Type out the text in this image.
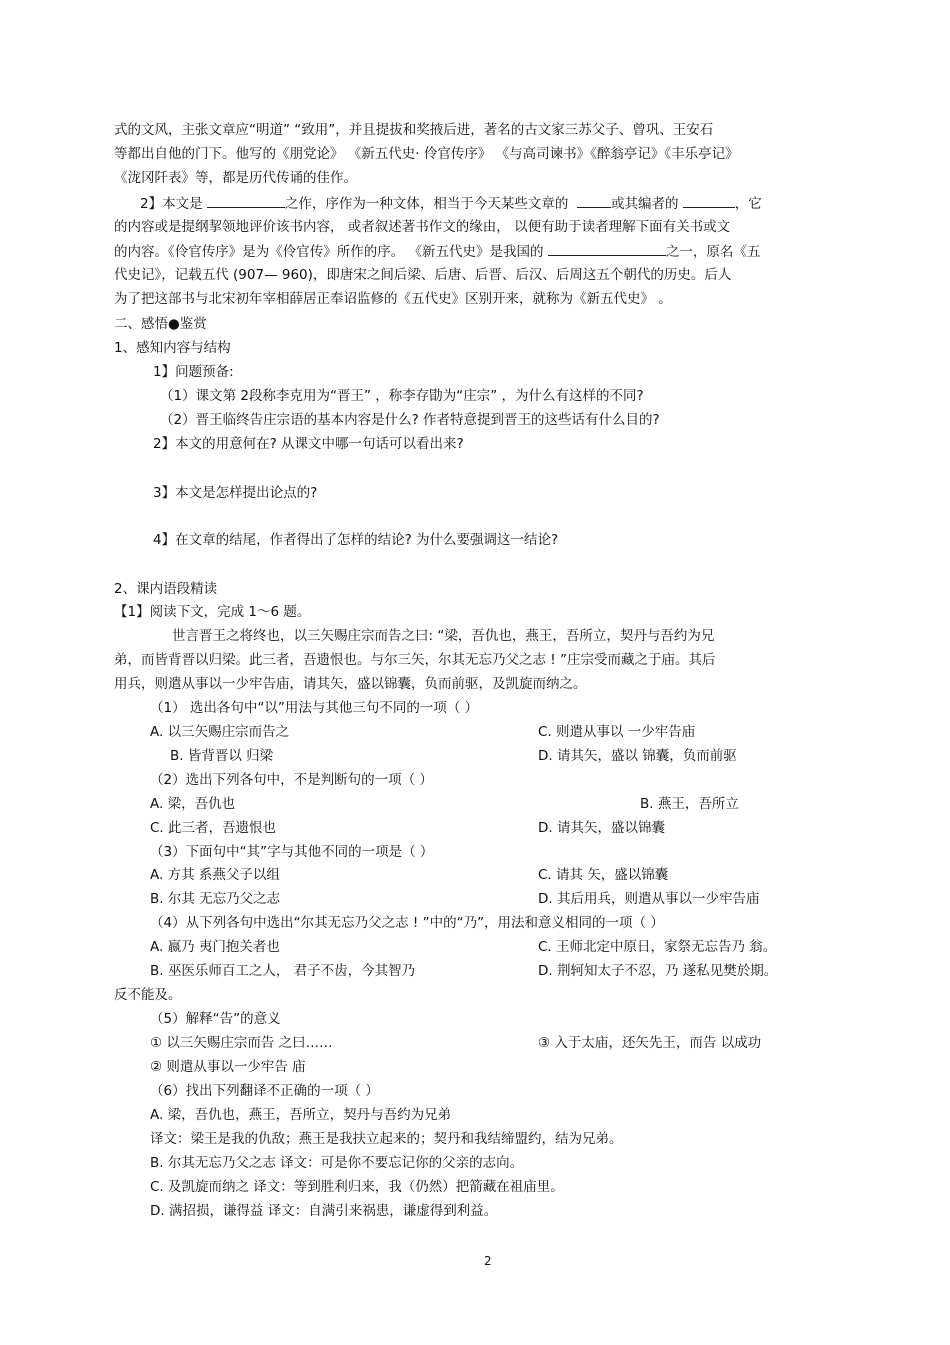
式的文风，主张文章应“明道” “致用”，并且提拔和奖掖后进，著名的古文家三苏父子、曾巩、王安石
等都出自他的门下。他写的《朋党论》 《新五代史· 伶官传序》 《与高司谏书》《醉翁亭记》《丰乐亭记》
《泷冈阡表》等，都是历代传诵的佳作。
2】本文是	之作，序作为一种文体，相当于今天某些文章的	或其编者的	，它
的内容或是提纲挈领地评价该书内容， 或者叙述著书作文的缘由， 以便有助于读者理解下面有关书或文
的内容。《伶官传序》是为《伶官传》所作的序。 《新五代史》是我国的	之一，原名《五
代史记》，记载五代 (907— 960)，即唐宋之间后梁、后唐、后晋、后汉、后周这五个朝代的历史。后人
为了把这部书与北宋初年宰相薛居正奉诏监修的《五代史》区别开来，就称为《新五代史》 。
二、感悟●鉴赏
1、感知内容与结构
1】问题预备:
（1）课文第 2段称李克用为“晋王” ，称李存勖为“庄宗” ，为什么有这样的不同?
（2）晋王临终告庄宗语的基本内容是什么? 作者特意提到晋王的这些话有什么目的?
2】本文的用意何在? 从课文中哪一句话可以看出来?
3】本文是怎样提出论点的?
4】在文章的结尾，作者得出了怎样的结论? 为什么要强调这一结论?
2、课内语段精读
【1】阅读下文，完成 1～6 题。
世言晋王之将终也，以三矢赐庄宗而告之曰: “梁，吾仇也，燕王，吾所立，契丹与吾约为兄
弟，而皆背晋以归梁。此三者，吾遗恨也。与尔三矢，尔其无忘乃父之志 ! ”庄宗受而藏之于庙。其后
用兵，则遣从事以一少牢告庙，请其矢，盛以锦囊，负而前驱，及凯旋而纳之。
（1） 选出各句中“以”用法与其他三句不同的一项（ ）
A. 以三矢赐庄宗而告之	C. 则遣从事以 一少牢告庙
B. 皆背晋以 归梁	D. 请其矢，盛以 锦囊，负而前驱
（2）选出下列各句中，不是判断句的一项（ ）
A. 梁，吾仇也	B. 燕王，吾所立
C. 此三者，吾遗恨也	D. 请其矢，盛以锦囊
（3）下面句中“其”字与其他不同的一项是（ ）
A. 方其 系燕父子以组	C. 请其 矢，盛以锦囊
B. 尔其 无忘乃父之志	D. 其后用兵，则遣从事以一少牢告庙
（4）从下列各句中选出“尔其无忘乃父之志 ! ”中的“乃”，用法和意义相同的一项（ ）
A. 嬴乃 夷门抱关者也	C. 王师北定中原日，家祭无忘告乃 翁。
B. 巫医乐师百工之人， 君子不齿，今其智乃	D. 荆轲知太子不忍，乃 遂私见樊於期。
反不能及。
（5）解释“告”的意义
① 以三矢赐庄宗而告 之曰……	③ 入于太庙，还矢先王，而告 以成功
② 则遣从事以一少牢告 庙
（6）找出下列翻译不正确的一项（ ）
A. 梁，吾仇也，燕王，吾所立，契丹与吾约为兄弟
译文：梁王是我的仇敌；燕王是我扶立起来的；契丹和我结缔盟约，结为兄弟。
B. 尔其无忘乃父之志 译文：可是你不要忘记你的父亲的志向。
C. 及凯旋而纳之 译文：等到胜利归来，我（仍然）把箭藏在祖庙里。
D. 满招损，谦得益 译文：自满引来祸患，谦虚得到利益。
2
